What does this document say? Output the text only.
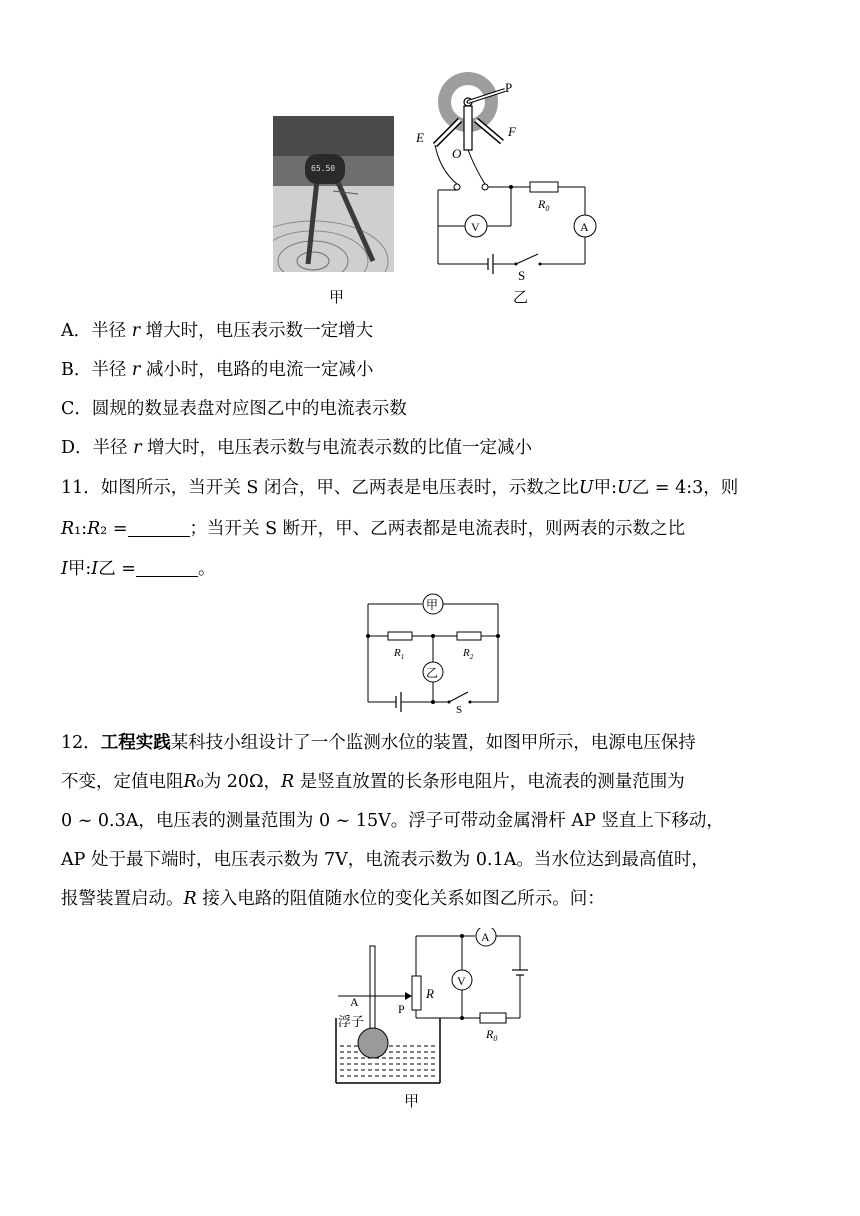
65.50
甲
P
E	F
O
$R_0$
A
V
S
乙
A．半径 𝑟 增大时，电压表示数一定增大
B．半径 𝑟 减小时，电路的电流一定减小
C．圆规的数显表盘对应图乙中的电流表示数
D．半径 𝑟 增大时，电压表示数与电流表示数的比值一定减小
11．如图所示，当开关 S 闭合，甲、乙两表是电压表时，示数之比𝑈甲:𝑈乙 = 4:3，则
𝑅₁:𝑅₂ =	；当开关 S 断开，甲、乙两表都是电流表时，则两表的示数之比
𝐼甲:𝐼乙 =	。
甲
$R_1$	$R_2$
乙
S
12．工程实践某科技小组设计了一个监测水位的装置，如图甲所示，电源电压保持
不变，定值电阻𝑅₀为 20Ω，𝑅 是竖直放置的长条形电阻片，电流表的测量范围为
0 ~ 0.3A，电压表的测量范围为 0 ~ 15V。浮子可带动金属滑杆 AP 竖直上下移动，
AP 处于最下端时，电压表示数为 7V，电流表示数为 0.1A。当水位达到最高值时，
报警装置启动。𝑅 接入电路的阻值随水位的变化关系如图乙所示。问：
浮子
A	P
R
A
V
$R_0$
甲
